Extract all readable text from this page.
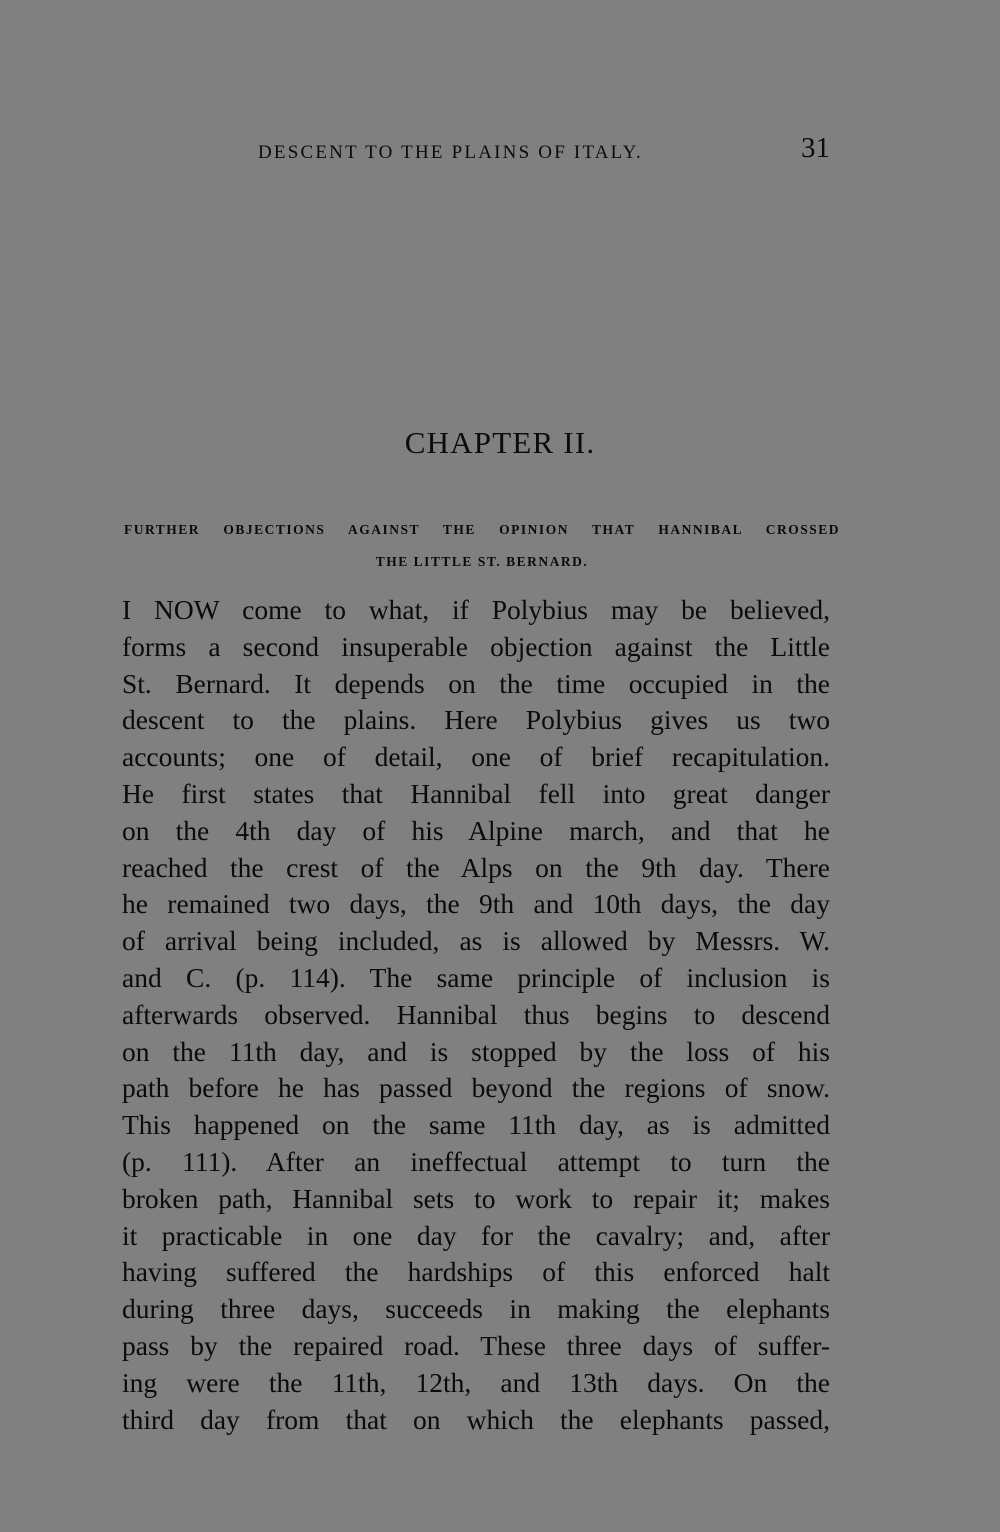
DESCENT TO THE PLAINS OF ITALY.	31
CHAPTER II.
FURTHER OBJECTIONS AGAINST THE OPINION THAT HANNIBAL CROSSED
THE LITTLE ST. BERNARD.
I NOW come to what, if Polybius may be believed,
forms a second insuperable objection against the Little
St. Bernard. It depends on the time occupied in the
descent to the plains. Here Polybius gives us two
accounts; one of detail, one of brief recapitulation.
He first states that Hannibal fell into great danger
on the 4th day of his Alpine march, and that he
reached the crest of the Alps on the 9th day. There
he remained two days, the 9th and 10th days, the day
of arrival being included, as is allowed by Messrs. W.
and C. (p. 114). The same principle of inclusion is
afterwards observed. Hannibal thus begins to descend
on the 11th day, and is stopped by the loss of his
path before he has passed beyond the regions of snow.
This happened on the same 11th day, as is admitted
(p. 111). After an ineffectual attempt to turn the
broken path, Hannibal sets to work to repair it; makes
it practicable in one day for the cavalry; and, after
having suffered the hardships of this enforced halt
during three days, succeeds in making the elephants
pass by the repaired road. These three days of suffer-
ing were the 11th, 12th, and 13th days. On the
third day from that on which the elephants passed,
